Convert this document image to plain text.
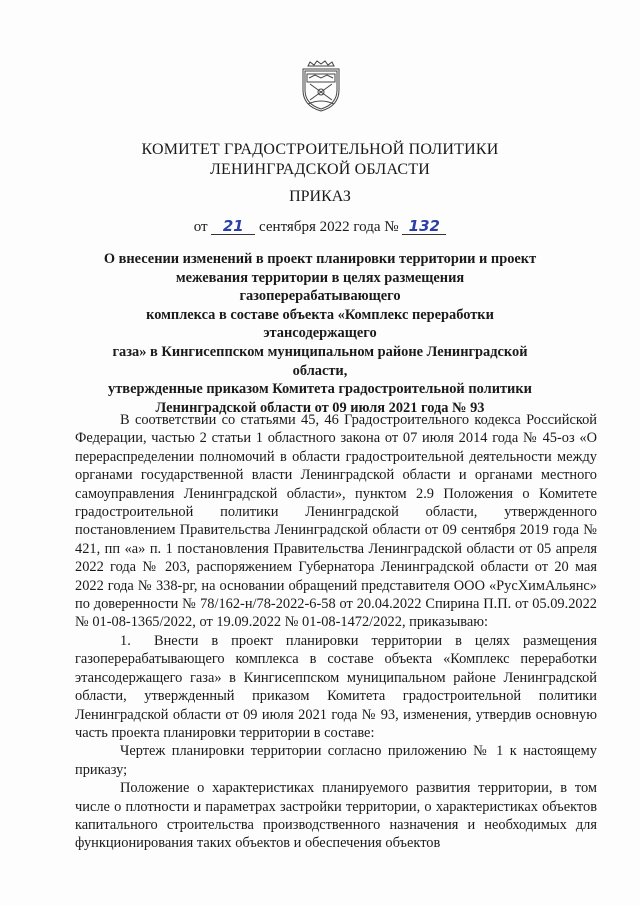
КОМИТЕТ ГРАДОСТРОИТЕЛЬНОЙ ПОЛИТИКИ
ЛЕНИНГРАДСКОЙ ОБЛАСТИ
ПРИКАЗ
от 21 сентября 2022 года № 132
О внесении изменений в проект планировки территории и проект
межевания территории в целях размещения газоперерабатывающего
комплекса в составе объекта «Комплекс переработки этансодержащего
газа» в Кингисеппском муниципальном районе Ленинградской области,
утвержденные приказом Комитета градостроительной политики
Ленинградской области от 09 июля 2021 года № 93

В соответствии со статьями 45, 46 Градостроительного кодекса Российской Федерации, частью 2 статьи 1 областного закона от 07 июля 2014 года № 45-оз «О перераспределении полномочий в области градостроительной деятельности между органами государственной власти Ленинградской области и органами местного самоуправления Ленинградской области», пунктом 2.9 Положения о Комитете градостроительной политики Ленинградской области, утвержденного постановлением Правительства Ленинградской области от 09 сентября 2019 года № 421, пп «а» п. 1 постановления Правительства Ленинградской области от 05 апреля 2022 года № 203, распоряжением Губернатора Ленинградской области от 20 мая 2022 года № 338-рг, на основании обращений представителя ООО «РусХимАльянс» по доверенности № 78/162-н/78-2022-6-58 от 20.04.2022 Спирина П.П. от 05.09.2022 № 01-08-1365/2022, от 19.09.2022 № 01-08-1472/2022, приказываю:

1. Внести в проект планировки территории в целях размещения газоперерабатывающего комплекса в составе объекта «Комплекс переработки этансодержащего газа» в Кингисеппском муниципальном районе Ленинградской области, утвержденный приказом Комитета градостроительной политики Ленинградской области от 09 июля 2021 года № 93, изменения, утвердив основную часть проекта планировки территории в составе:

Чертеж планировки территории согласно приложению № 1 к настоящему приказу;

Положение о характеристиках планируемого развития территории, в том числе о плотности и параметрах застройки территории, о характеристиках объектов капитального строительства производственного назначения и необходимых для функционирования таких объектов и обеспечения объектов
